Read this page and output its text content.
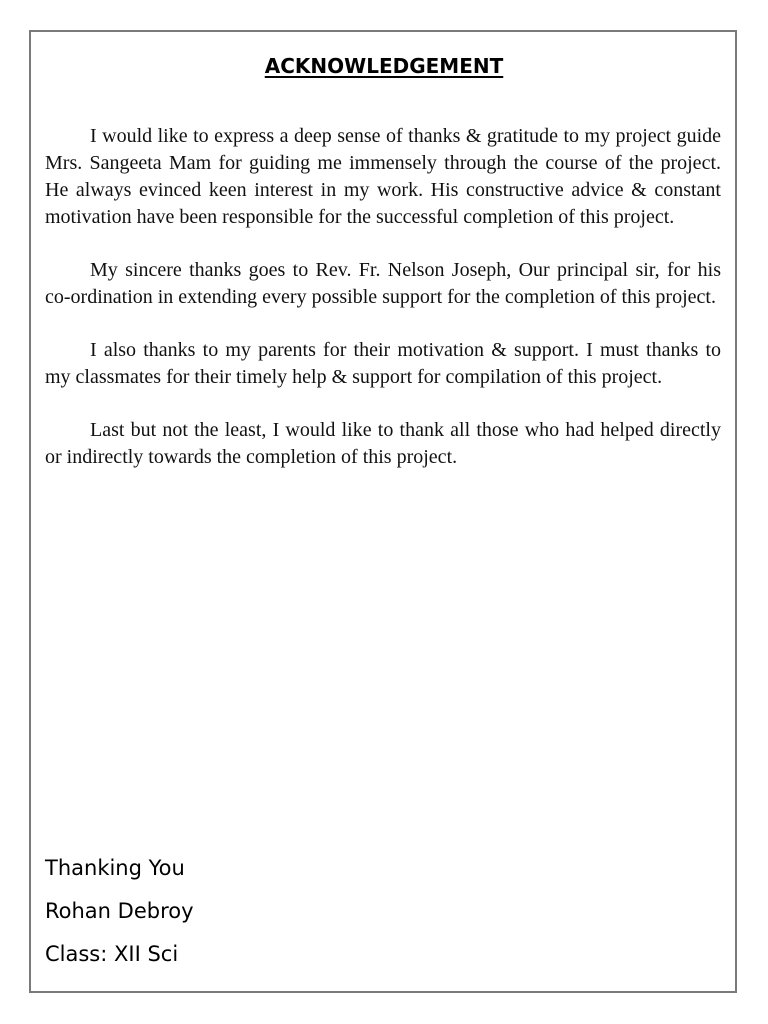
ACKNOWLEDGEMENT

I would like to express a deep sense of thanks & gratitude to my project guide Mrs. Sangeeta Mam for guiding me immensely through the course of the project. He always evinced keen interest in my work. His constructive advice & constant motivation have been responsible for the successful completion of this project.

My sincere thanks goes to Rev. Fr. Nelson Joseph, Our principal sir, for his co-ordination in extending every possible support for the completion of this project.

I also thanks to my parents for their motivation & support. I must thanks to my classmates for their timely help & support for compilation of this project.

Last but not the least, I would like to thank all those who had helped directly or indirectly towards the completion of this project.

Thanking You

Rohan Debroy

Class: XII Sci
